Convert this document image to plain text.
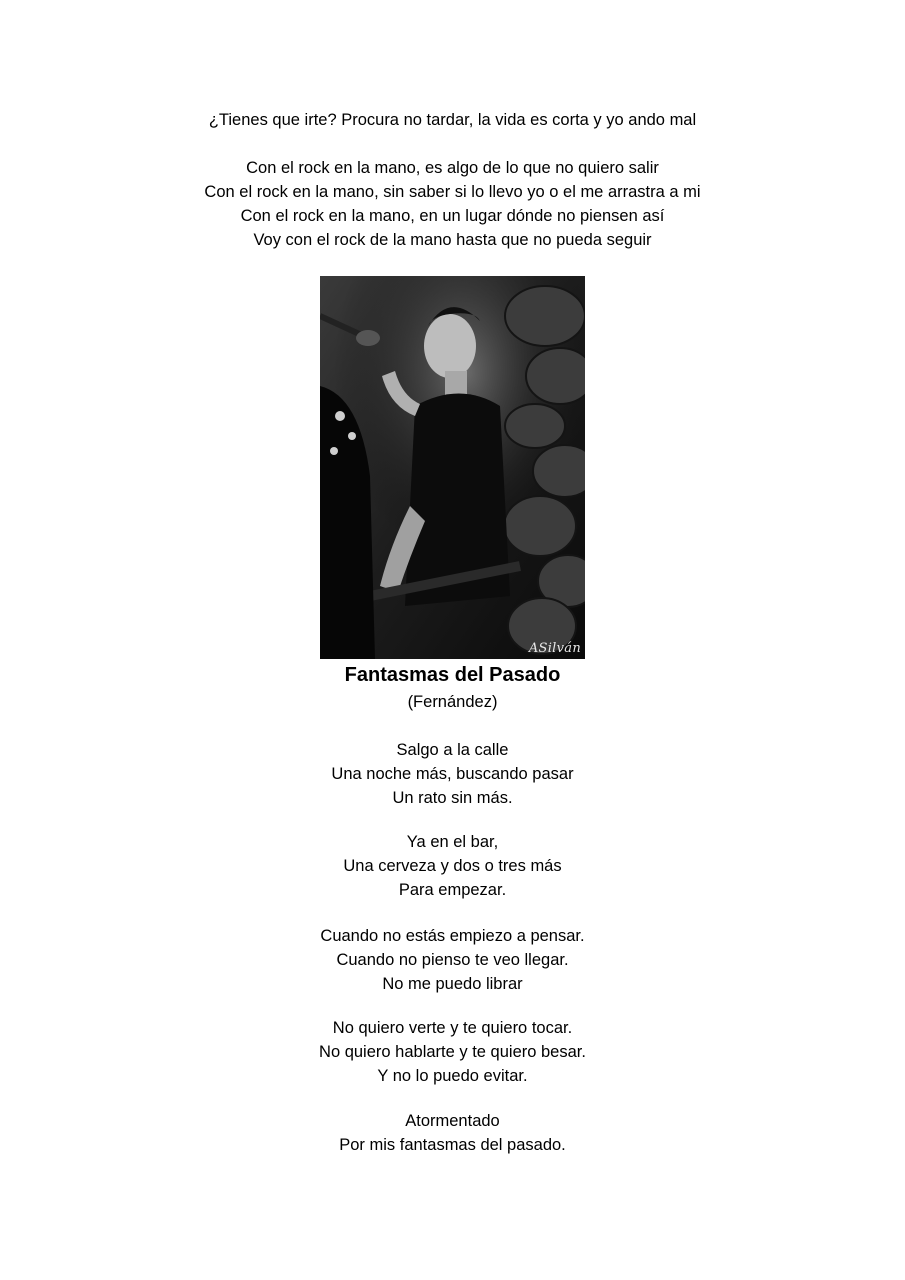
¿Tienes que irte? Procura no tardar, la vida es corta y yo ando mal
Con el rock en la mano, es algo de lo que no quiero salir
Con el rock en la mano, sin saber si lo llevo yo o el me arrastra a mi
Con el rock en la mano, en un lugar dónde no piensen así
Voy con el rock de la mano hasta que no pueda seguir
ASilván
Fantasmas del Pasado
(Fernández)
Salgo a la calle
Una noche más, buscando pasar
Un rato sin más.
Ya en el bar,
Una cerveza y dos o tres más
Para empezar.
Cuando no estás empiezo a pensar.
Cuando no pienso te veo llegar.
No me puedo librar
No quiero verte y te quiero tocar.
No quiero hablarte y te quiero besar.
Y no lo puedo evitar.
Atormentado
Por mis fantasmas del pasado.
